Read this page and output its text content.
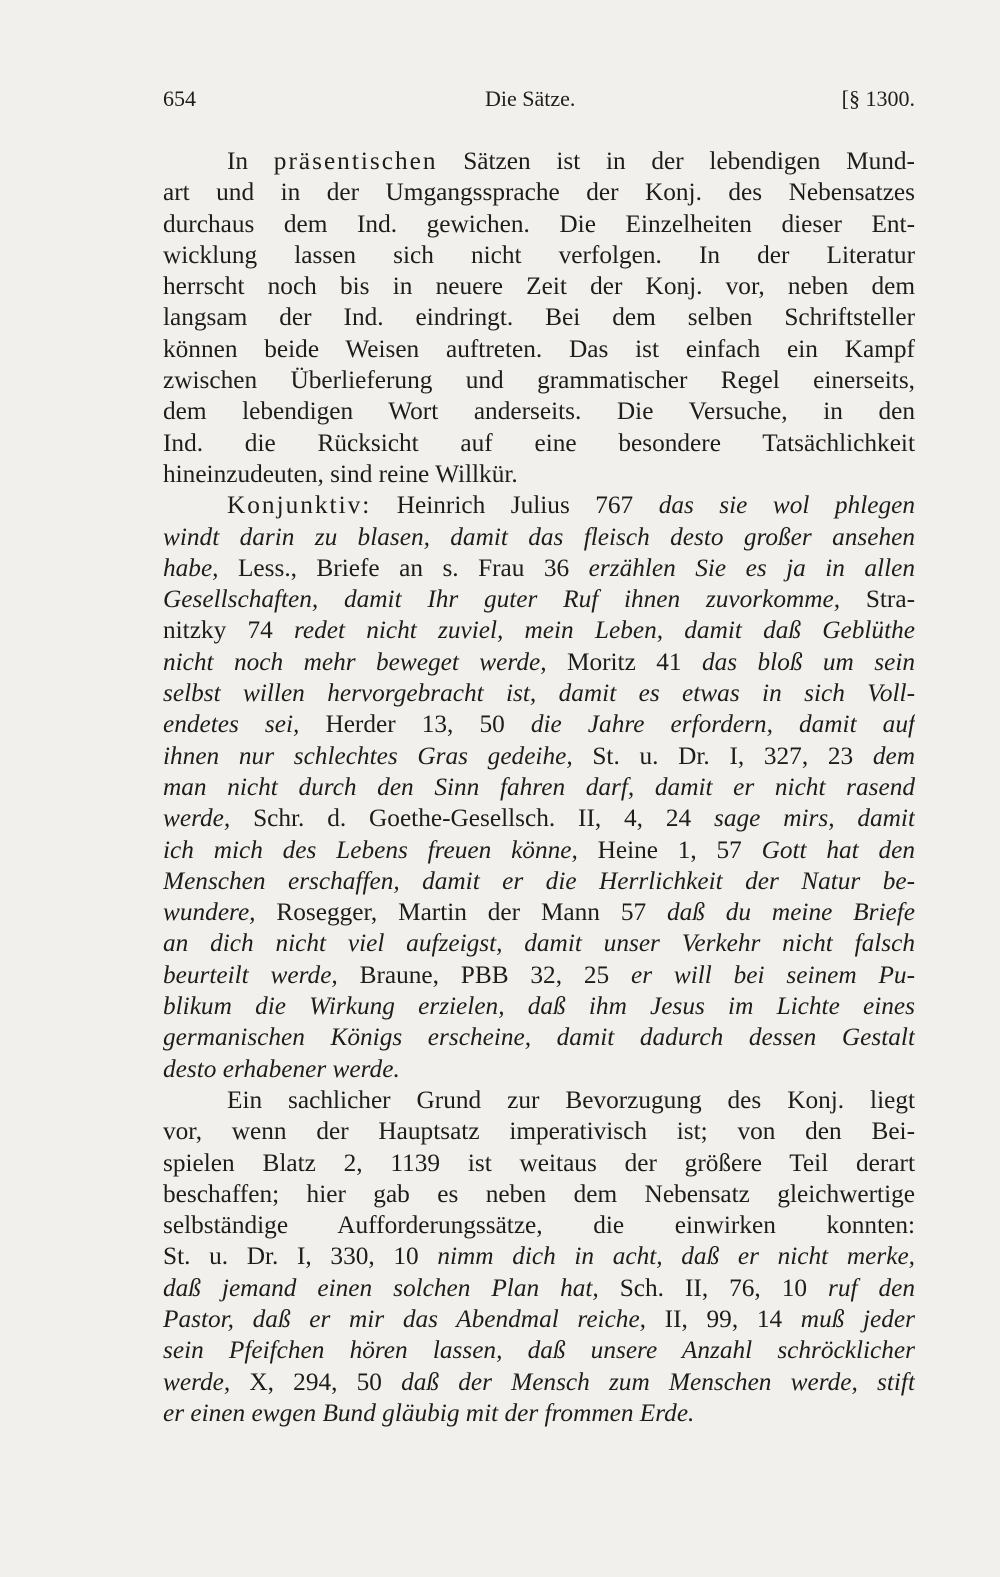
654	Die Sätze.	[§ 1300.
In präsentischen Sätzen ist in der lebendigen Mund-
art und in der Umgangssprache der Konj. des Nebensatzes
durchaus dem Ind. gewichen. Die Einzelheiten dieser Ent-
wicklung lassen sich nicht verfolgen. In der Literatur
herrscht noch bis in neuere Zeit der Konj. vor, neben dem
langsam der Ind. eindringt. Bei dem selben Schriftsteller
können beide Weisen auftreten. Das ist einfach ein Kampf
zwischen Überlieferung und grammatischer Regel einerseits,
dem lebendigen Wort anderseits. Die Versuche, in den
Ind. die Rücksicht auf eine besondere Tatsächlichkeit
hineinzudeuten, sind reine Willkür.
Konjunktiv: Heinrich Julius 767 das sie wol phlegen
windt darin zu blasen, damit das fleisch desto großer ansehen
habe, Less., Briefe an s. Frau 36 erzählen Sie es ja in allen
Gesellschaften, damit Ihr guter Ruf ihnen zuvorkomme, Stra-
nitzky 74 redet nicht zuviel, mein Leben, damit daß Geblüthe
nicht noch mehr beweget werde, Moritz 41 das bloß um sein
selbst willen hervorgebracht ist, damit es etwas in sich Voll-
endetes sei, Herder 13, 50 die Jahre erfordern, damit auf
ihnen nur schlechtes Gras gedeihe, St. u. Dr. I, 327, 23 dem
man nicht durch den Sinn fahren darf, damit er nicht rasend
werde, Schr. d. Goethe-Gesellsch. II, 4, 24 sage mirs, damit
ich mich des Lebens freuen könne, Heine 1, 57 Gott hat den
Menschen erschaffen, damit er die Herrlichkeit der Natur be-
wundere, Rosegger, Martin der Mann 57 daß du meine Briefe
an dich nicht viel aufzeigst, damit unser Verkehr nicht falsch
beurteilt werde, Braune, PBB 32, 25 er will bei seinem Pu-
blikum die Wirkung erzielen, daß ihm Jesus im Lichte eines
germanischen Königs erscheine, damit dadurch dessen Gestalt
desto erhabener werde.
Ein sachlicher Grund zur Bevorzugung des Konj. liegt
vor, wenn der Hauptsatz imperativisch ist; von den Bei-
spielen Blatz 2, 1139 ist weitaus der größere Teil derart
beschaffen; hier gab es neben dem Nebensatz gleichwertige
selbständige Aufforderungssätze, die einwirken konnten:
St. u. Dr. I, 330, 10 nimm dich in acht, daß er nicht merke,
daß jemand einen solchen Plan hat, Sch. II, 76, 10 ruf den
Pastor, daß er mir das Abendmal reiche, II, 99, 14 muß jeder
sein Pfeifchen hören lassen, daß unsere Anzahl schröcklicher
werde, X, 294, 50 daß der Mensch zum Menschen werde, stift
er einen ewgen Bund gläubig mit der frommen Erde.
